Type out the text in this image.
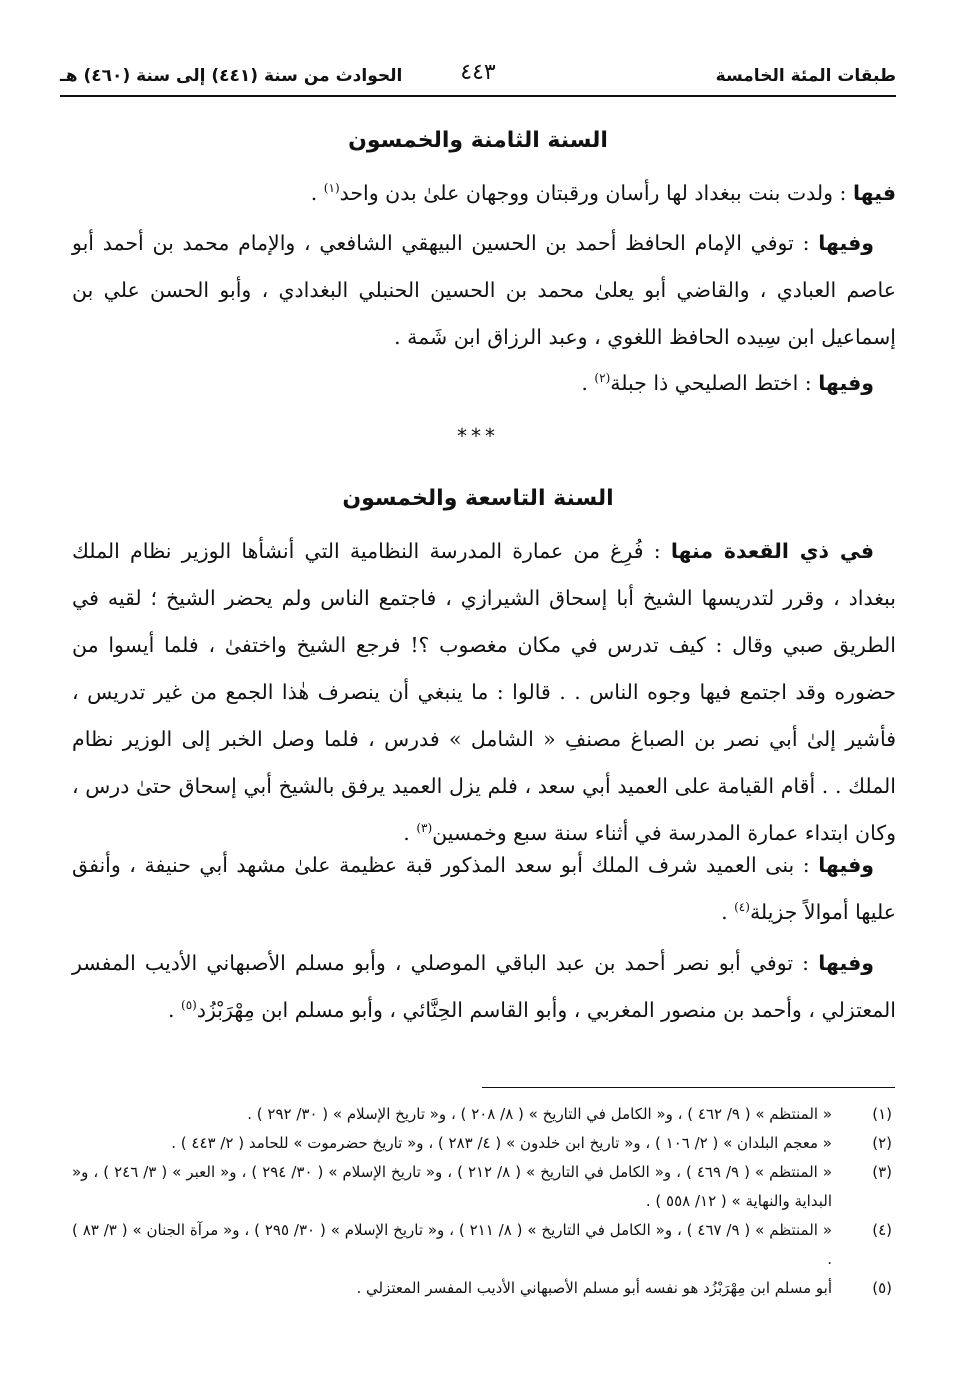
طبقات المئة الخامسة
٤٤٣
الحوادث من سنة (٤٤١) إلى سنة (٤٦٠) هـ
السنة الثامنة والخمسون
فيها : ولدت بنت ببغداد لها رأسان ورقبتان ووجهان علىٰ بدن واحد$^{(١)}$ .
وفيها : توفي الإمام الحافظ أحمد بن الحسين البيهقي الشافعي ، والإمام محمد بن أحمد أبو عاصم العبادي ، والقاضي أبو يعلىٰ محمد بن الحسين الحنبلي البغدادي ، وأبو الحسن علي بن إسماعيل ابن سِيده الحافظ اللغوي ، وعبد الرزاق ابن شَمة .
وفيها : اختط الصليحي ذا جبلة$^{(٢)}$ .
***
السنة التاسعة والخمسون
في ذي القعدة منها : فُرِغ من عمارة المدرسة النظامية التي أنشأها الوزير نظام الملك ببغداد ، وقرر لتدريسها الشيخ أبا إسحاق الشيرازي ، فاجتمع الناس ولم يحضر الشيخ ؛ لقيه في الطريق صبي وقال : كيف تدرس في مكان مغصوب ؟! فرجع الشيخ واختفىٰ ، فلما أيسوا من حضوره وقد اجتمع فيها وجوه الناس . . قالوا : ما ينبغي أن ينصرف هٰذا الجمع من غير تدريس ، فأشير إلىٰ أبي نصر بن الصباغ مصنفِ « الشامل » فدرس ، فلما وصل الخبر إلى الوزير نظام الملك . . أقام القيامة على العميد أبي سعد ، فلم يزل العميد يرفق بالشيخ أبي إسحاق حتىٰ درس ، وكان ابتداء عمارة المدرسة في أثناء سنة سبع وخمسين$^{(٣)}$ .
وفيها : بنى العميد شرف الملك أبو سعد المذكور قبة عظيمة علىٰ مشهد أبي حنيفة ، وأنفق عليها أموالاً جزيلة$^{(٤)}$ .
وفيها : توفي أبو نصر أحمد بن عبد الباقي الموصلي ، وأبو مسلم الأصبهاني الأديب المفسر المعتزلي ، وأحمد بن منصور المغربي ، وأبو القاسم الحِنَّائي ، وأبو مسلم ابن مِهْرَبْزُد$^{(٥)}$ .
(١)
« المنتظم » ( ٩/ ٤٦٢ ) ، و« الكامل في التاريخ » ( ٨/ ٢٠٨ ) ، و« تاريخ الإسلام » ( ٣٠/ ٢٩٢ ) .
(٢)
« معجم البلدان » ( ٢/ ١٠٦ ) ، و« تاريخ ابن خلدون » ( ٤/ ٢٨٣ ) ، و« تاريخ حضرموت » للحامد ( ٢/ ٤٤٣ ) .
(٣)
« المنتظم » ( ٩/ ٤٦٩ ) ، و« الكامل في التاريخ » ( ٨/ ٢١٢ ) ، و« تاريخ الإسلام » ( ٣٠/ ٢٩٤ ) ، و« العبر » ( ٣/ ٢٤٦ ) ، و« البداية والنهاية » ( ١٢/ ٥٥٨ ) .
(٤)
« المنتظم » ( ٩/ ٤٦٧ ) ، و« الكامل في التاريخ » ( ٨/ ٢١١ ) ، و« تاريخ الإسلام » ( ٣٠/ ٢٩٥ ) ، و« مرآة الجنان » ( ٣/ ٨٣ ) .
(٥)
أبو مسلم ابن مِهْرَبْزُد هو نفسه أبو مسلم الأصبهاني الأديب المفسر المعتزلي .
